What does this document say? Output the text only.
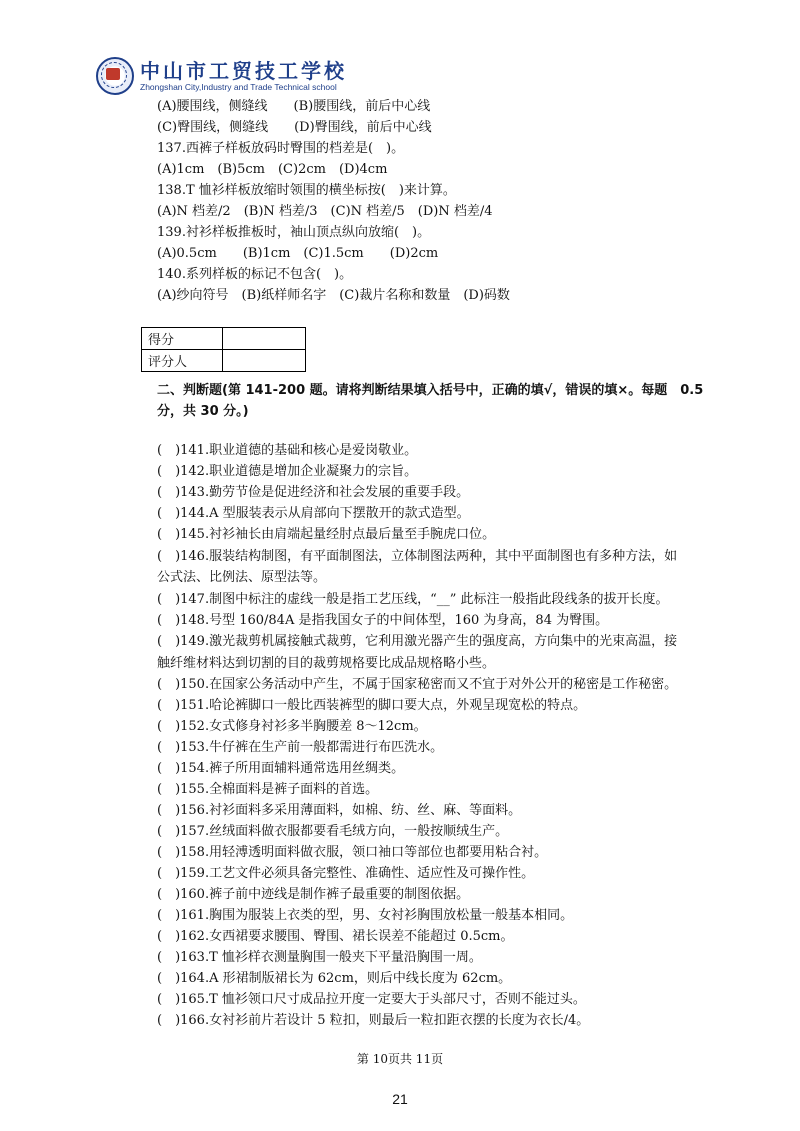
中山市工贸技工学校
Zhongshan City,Industry and Trade Technical school
(A)腰围线，侧缝线　　(B)腰围线，前后中心线
(C)臀围线，侧缝线　　(D)臀围线，前后中心线
137.西裤子样板放码时臀围的档差是(　)。
(A)1cm　(B)5cm　(C)2cm　(D)4cm
138.T 恤衫样板放缩时领围的横坐标按(　)来计算。
(A)N 档差/2　(B)N 档差/3　(C)N 档差/5　(D)N 档差/4
139.衬衫样板推板时，袖山顶点纵向放缩(　)。
(A)0.5cm　　(B)1cm　(C)1.5cm　　(D)2cm
140.系列样板的标记不包含(　)。
(A)纱向符号　(B)纸样师名字　(C)裁片名称和数量　(D)码数
得分	
评分人	
二、判断题(第 141-200 题。请将判断结果填入括号中，正确的填√，错误的填×。每题　0.5
分，共 30 分。)
(　)141.职业道德的基础和核心是爱岗敬业。
(　)142.职业道德是增加企业凝聚力的宗旨。
(　)143.勤劳节俭是促进经济和社会发展的重要手段。
(　)144.A 型服装表示从肩部向下摆散开的款式造型。
(　)145.衬衫袖长由肩端起量经肘点最后量至手腕虎口位。
(　)146.服装结构制图，有平面制图法，立体制图法两种，其中平面制图也有多种方法，如
公式法、比例法、原型法等。
(　)147.制图中标注的虚线一般是指工艺压线，“__” 此标注一般指此段线条的拔开长度。
(　)148.号型 160/84A 是指我国女子的中间体型，160 为身高，84 为臀围。
(　)149.激光裁剪机属接触式裁剪，它利用激光器产生的强度高，方向集中的光束高温，接
触纤维材料达到切割的目的裁剪规格要比成品规格略小些。
(　)150.在国家公务活动中产生，不属于国家秘密而又不宜于对外公开的秘密是工作秘密。
(　)151.哈论裤脚口一般比西装裤型的脚口要大点，外观呈现宽松的特点。
(　)152.女式修身衬衫多半胸腰差 8～12cm。
(　)153.牛仔裤在生产前一般都需进行布匹洗水。
(　)154.裤子所用面辅料通常选用丝绸类。
(　)155.全棉面料是裤子面料的首选。
(　)156.衬衫面料多采用薄面料，如棉、纺、丝、麻、等面料。
(　)157.丝绒面料做衣服都要看毛绒方向，一般按顺绒生产。
(　)158.用轻溥透明面料做衣服，领口袖口等部位也都要用粘合衬。
(　)159.工艺文件必须具备完整性、准确性、适应性及可操作性。
(　)160.裤子前中迹线是制作裤子最重要的制图依据。
(　)161.胸围为服装上衣类的型，男、女衬衫胸围放松量一般基本相同。
(　)162.女西裙要求腰围、臀围、裙长误差不能超过 0.5cm。
(　)163.T 恤衫样衣测量胸围一般夹下平量沿胸围一周。
(　)164.A 形裙制版裙长为 62cm，则后中线长度为 62cm。
(　)165.T 恤衫领口尺寸成品拉开度一定要大于头部尺寸，否则不能过头。
(　)166.女衬衫前片若设计 5 粒扣，则最后一粒扣距衣摆的长度为衣长/4。
第 10页共 11页
21
